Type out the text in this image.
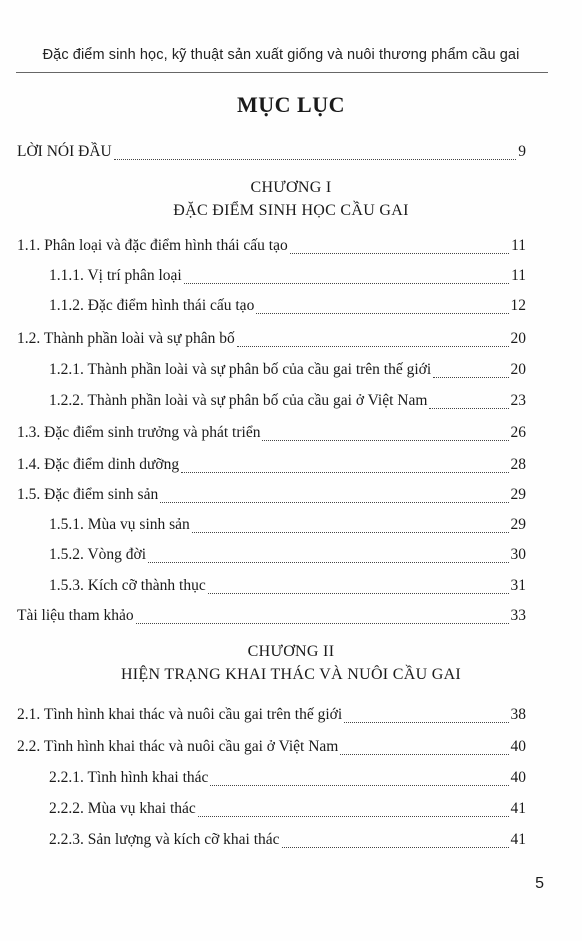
Đặc điểm sinh học, kỹ thuật sản xuất giống và nuôi thương phẩm cầu gai
MỤC LỤC
LỜI NÓI ĐẦU	9
CHƯƠNG I
ĐẶC ĐIỂM SINH HỌC CẦU GAI
1.1. Phân loại và đặc điểm hình thái cấu tạo	11
1.1.1. Vị trí phân loại	11
1.1.2. Đặc điểm hình thái cấu tạo	12
1.2. Thành phần loài và sự phân bố	20
1.2.1. Thành phần loài và sự phân bố của cầu gai trên thế giới	20
1.2.2. Thành phần loài và sự phân bố của cầu gai ở Việt Nam	23
1.3. Đặc điểm sinh trưởng và phát triển	26
1.4. Đặc điểm dinh dưỡng	28
1.5. Đặc điểm sinh sản	29
1.5.1. Mùa vụ sinh sản	29
1.5.2. Vòng đời	30
1.5.3. Kích cỡ thành thục	31
Tài liệu tham khảo	33
CHƯƠNG II
HIỆN TRẠNG KHAI THÁC VÀ NUÔI CẦU GAI
2.1. Tình hình khai thác và nuôi cầu gai trên thế giới	38
2.2. Tình hình khai thác và nuôi cầu gai ở Việt Nam	40
2.2.1. Tình hình khai thác	40
2.2.2. Mùa vụ khai thác	41
2.2.3. Sản lượng và kích cỡ khai thác	41
5
